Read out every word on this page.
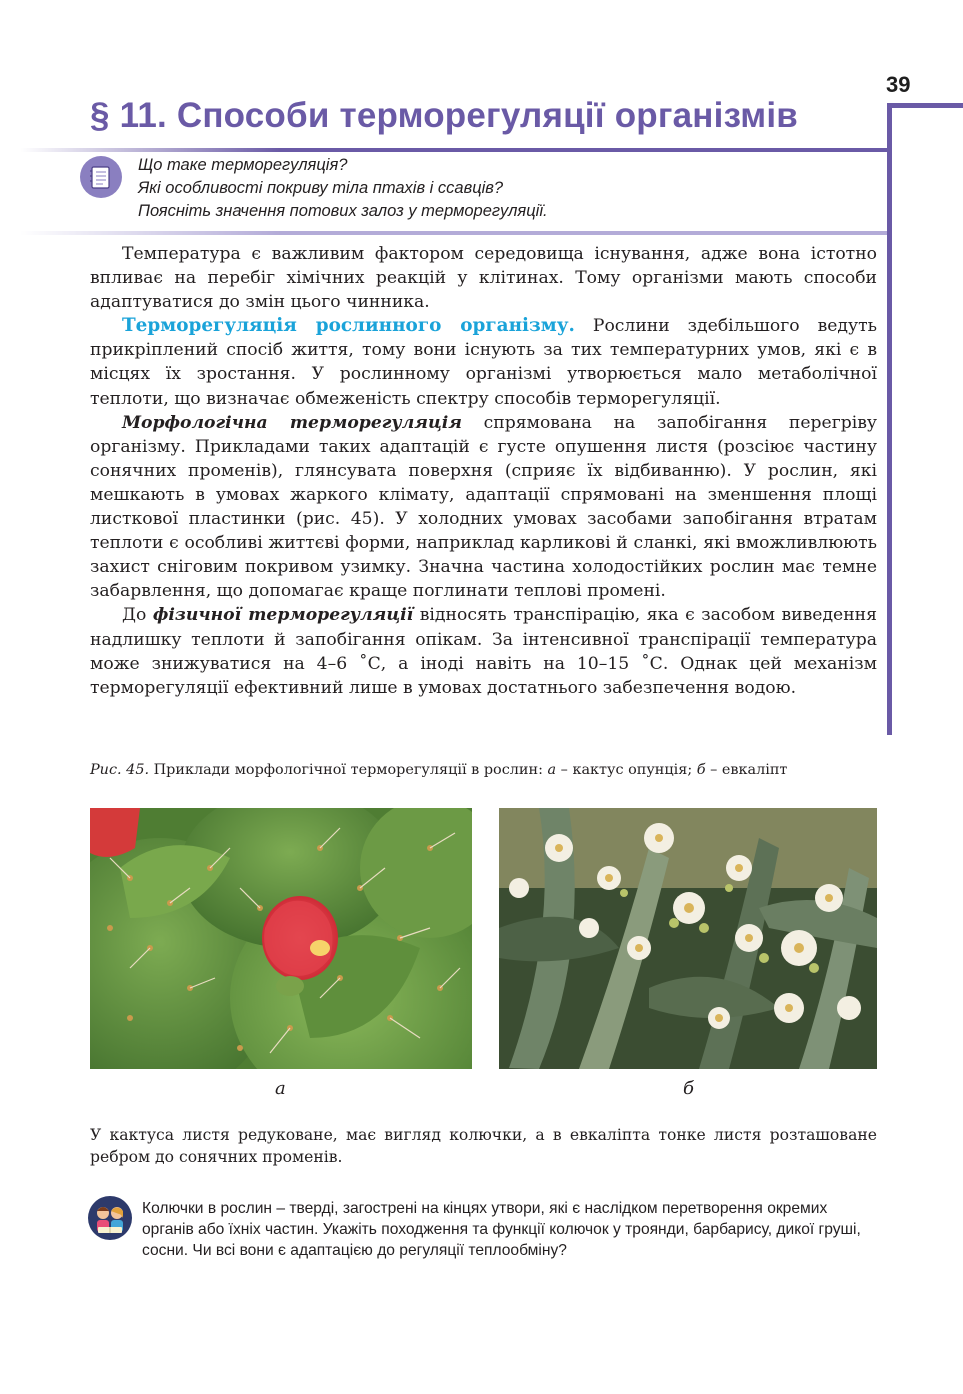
39
§ 11. Способи терморегуляції організмів
Що таке терморегуляція?
Які особливості покриву тіла птахів і ссавців?
Поясніть значення потових залоз у терморегуляції.

Температура є важливим фактором середовища існування, адже вона істотно впливає на перебіг хімічних реакцій у клітинах. Тому організми мають способи адаптуватися до змін цього чинника.

Терморегуляція рослинного організму. Рослини здебільшого ведуть прикріплений спосіб життя, тому вони існують за тих температурних умов, які є в місцях їх зростання. У рослинному організмі утворюється мало метаболічної теплоти, що визначає обмеженість спектру способів терморегуляції.

Морфологічна терморегуляція спрямована на запобігання перегріву організму. Прикладами таких адаптацій є густе опушення листя (розсіює частину сонячних променів), глянсувата поверхня (сприяє їх відбиванню). У рослин, які мешкають в умовах жаркого клімату, адаптації спрямовані на зменшення площі листкової пластинки (рис. 45). У холодних умовах засобами запобігання втратам теплоти є особливі життєві форми, наприклад карликові й сланкі, які вможливлюють захист сніговим покривом узимку. Значна частина холодостійких рослин має темне забарвлення, що допомагає краще поглинати теплові промені.

До фізичної терморегуляції відносять транспірацію, яка є засобом виведення надлишку теплоти й запобігання опікам. За інтенсивної транспірації температура може знижуватися на 4–6 ˚С, а іноді навіть на 10–15 ˚С. Однак цей механізм терморегуляції ефективний лише в умовах достатнього забезпечення водою.

Рис. 45. Приклади морфологічної терморегуляції в рослин: а – кактус опунція; б – евкаліпт
а	б
У кактуса листя редуковане, має вигляд колючки, а в евкаліпта тонке листя розташоване ребром до сонячних променів.
Колючки в рослин – тверді, загострені на кінцях утвори, які є наслідком перетворення окремих органів або їхніх частин. Укажіть походження та функції колючок у троянди, барбарису, дикої груші, сосни. Чи всі вони є адаптацією до регуляції теплообміну?
